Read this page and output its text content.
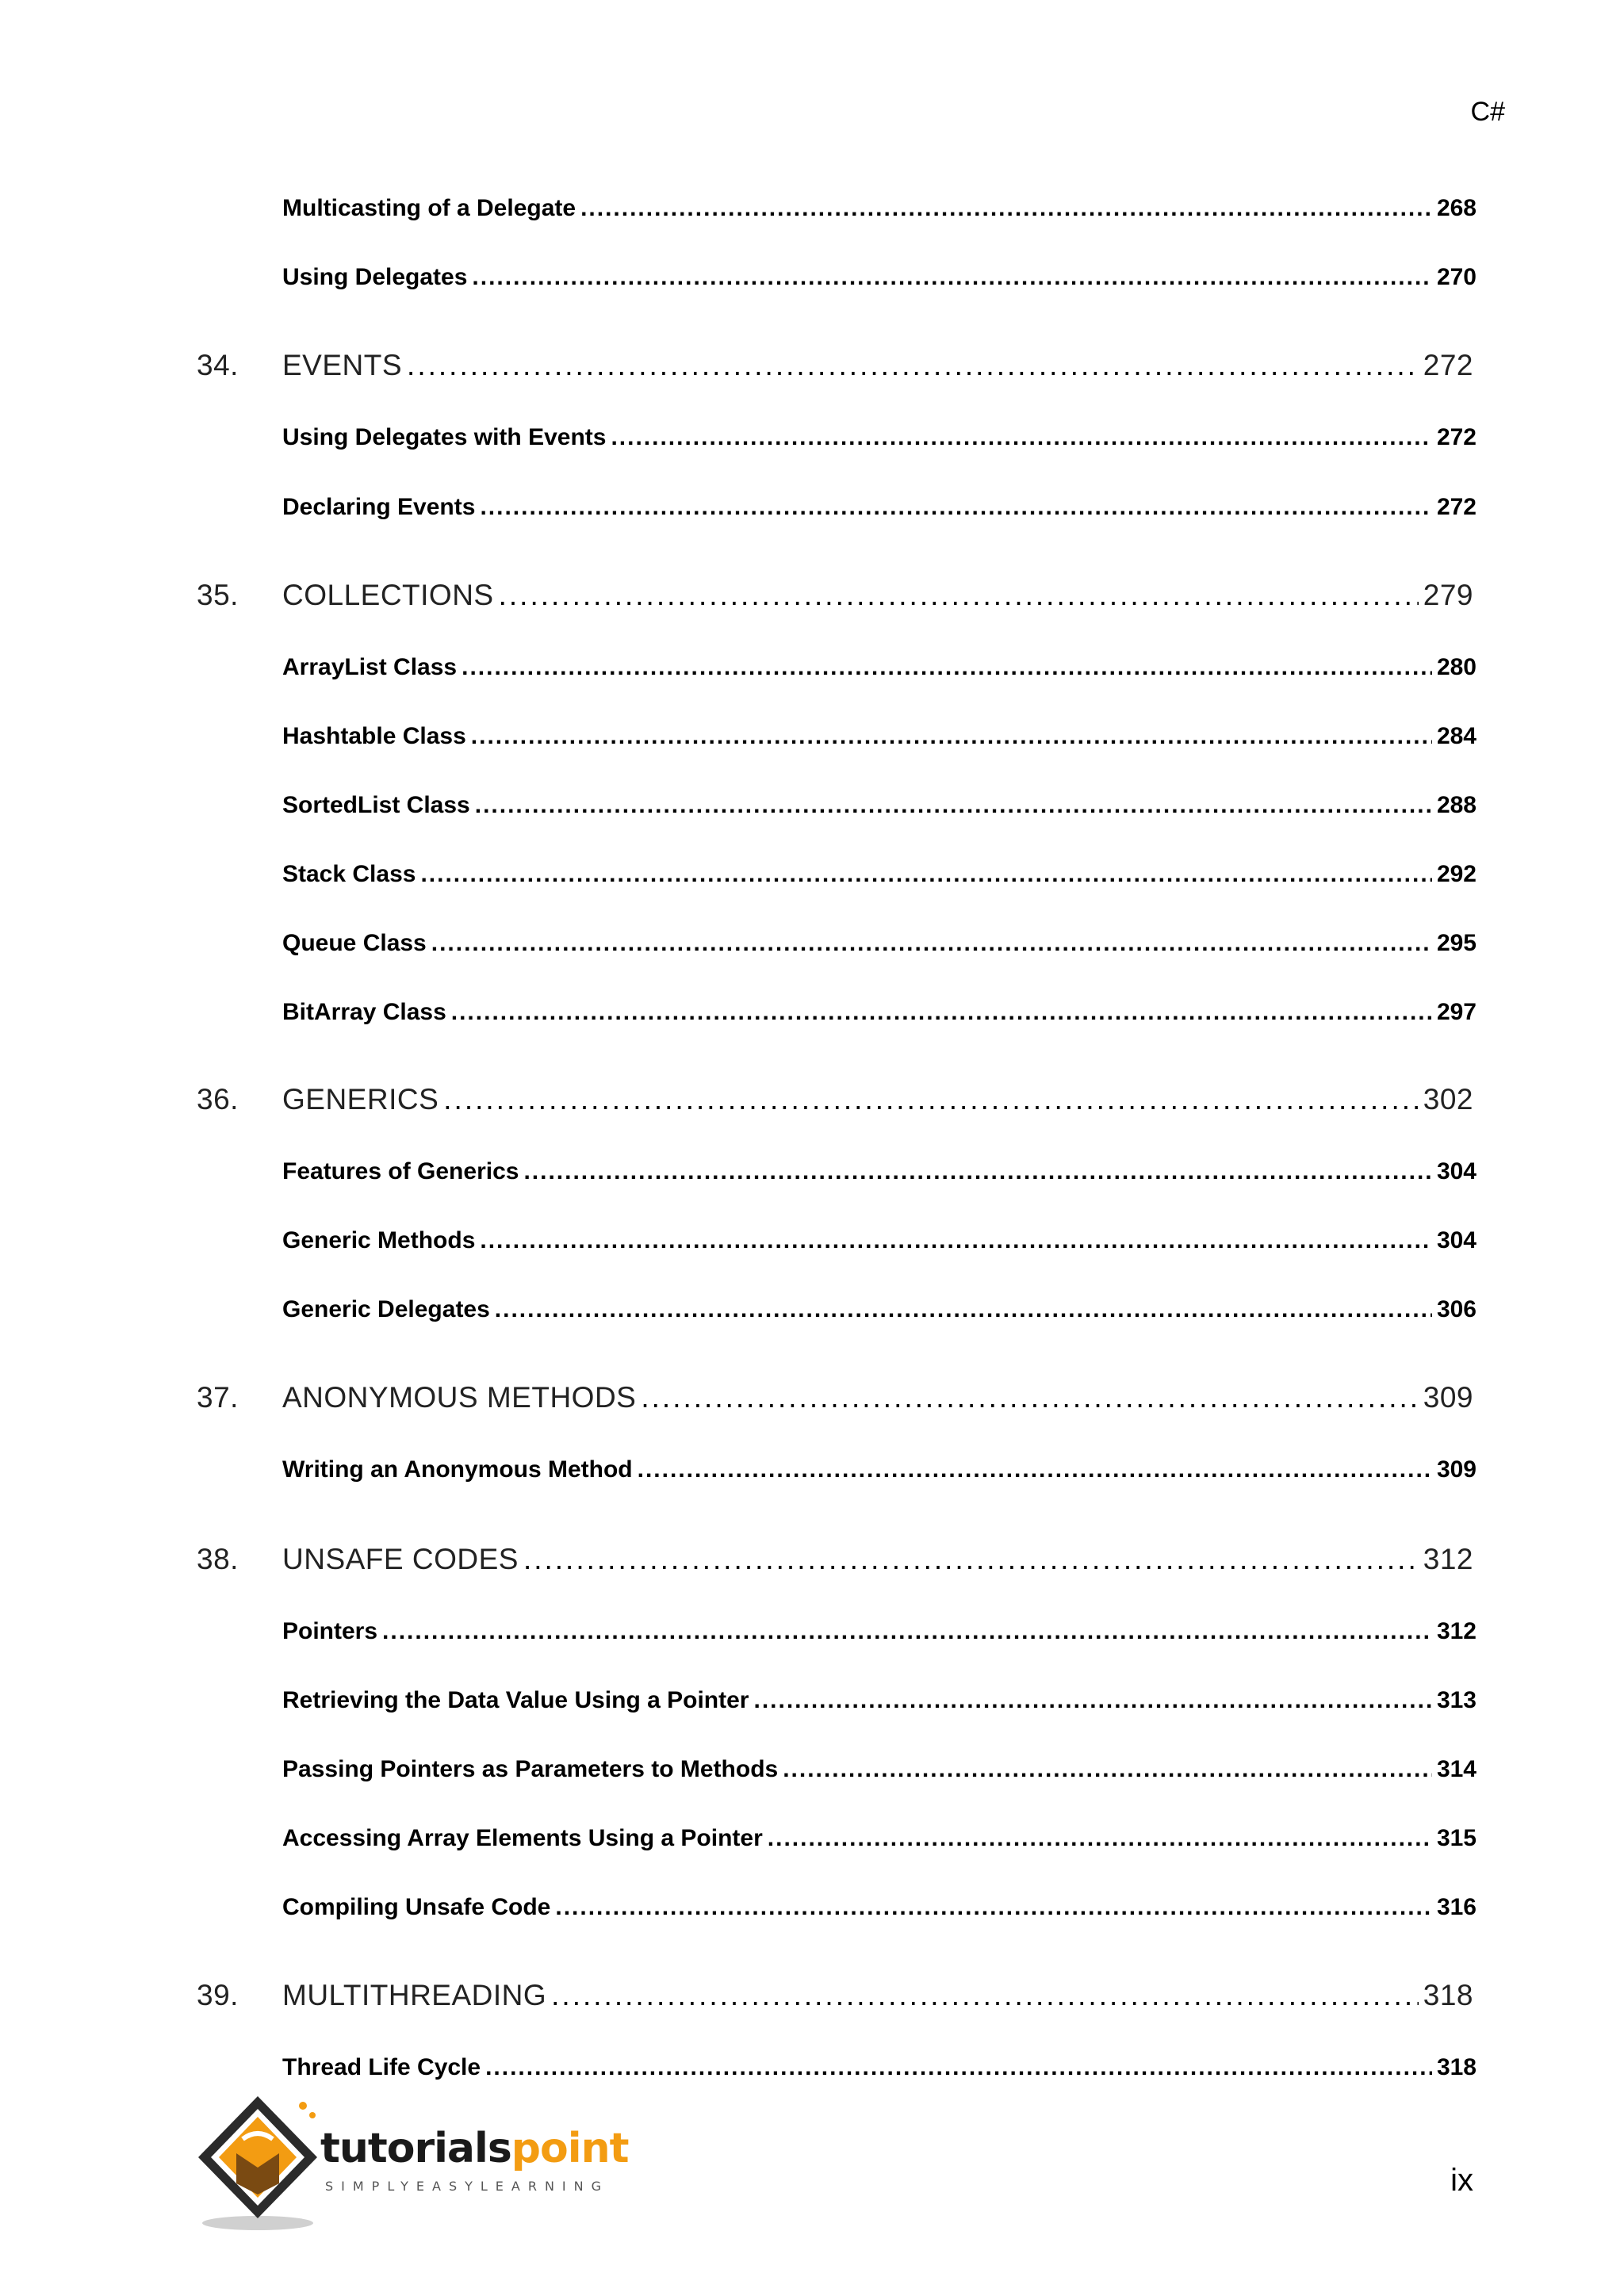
C#
Multicasting of a Delegate .....	268
Using Delegates .....	270
34.	EVENTS .....	272
Using Delegates with Events .....	272
Declaring Events .....	272
35.	COLLECTIONS .....	279
ArrayList Class .....	280
Hashtable Class .....	284
SortedList Class .....	288
Stack Class .....	292
Queue Class .....	295
BitArray Class .....	297
36.	GENERICS .....	302
Features of Generics .....	304
Generic Methods .....	304
Generic Delegates .....	306
37.	ANONYMOUS METHODS .....	309
Writing an Anonymous Method .....	309
38.	UNSAFE CODES .....	312
Pointers .....	312
Retrieving the Data Value Using a Pointer .....	313
Passing Pointers as Parameters to Methods .....	314
Accessing Array Elements Using a Pointer .....	315
Compiling Unsafe Code .....	316
39.	MULTITHREADING .....	318
Thread Life Cycle .....	318
tutorialspoint
SIMPLYEASYLEARNING	ix
